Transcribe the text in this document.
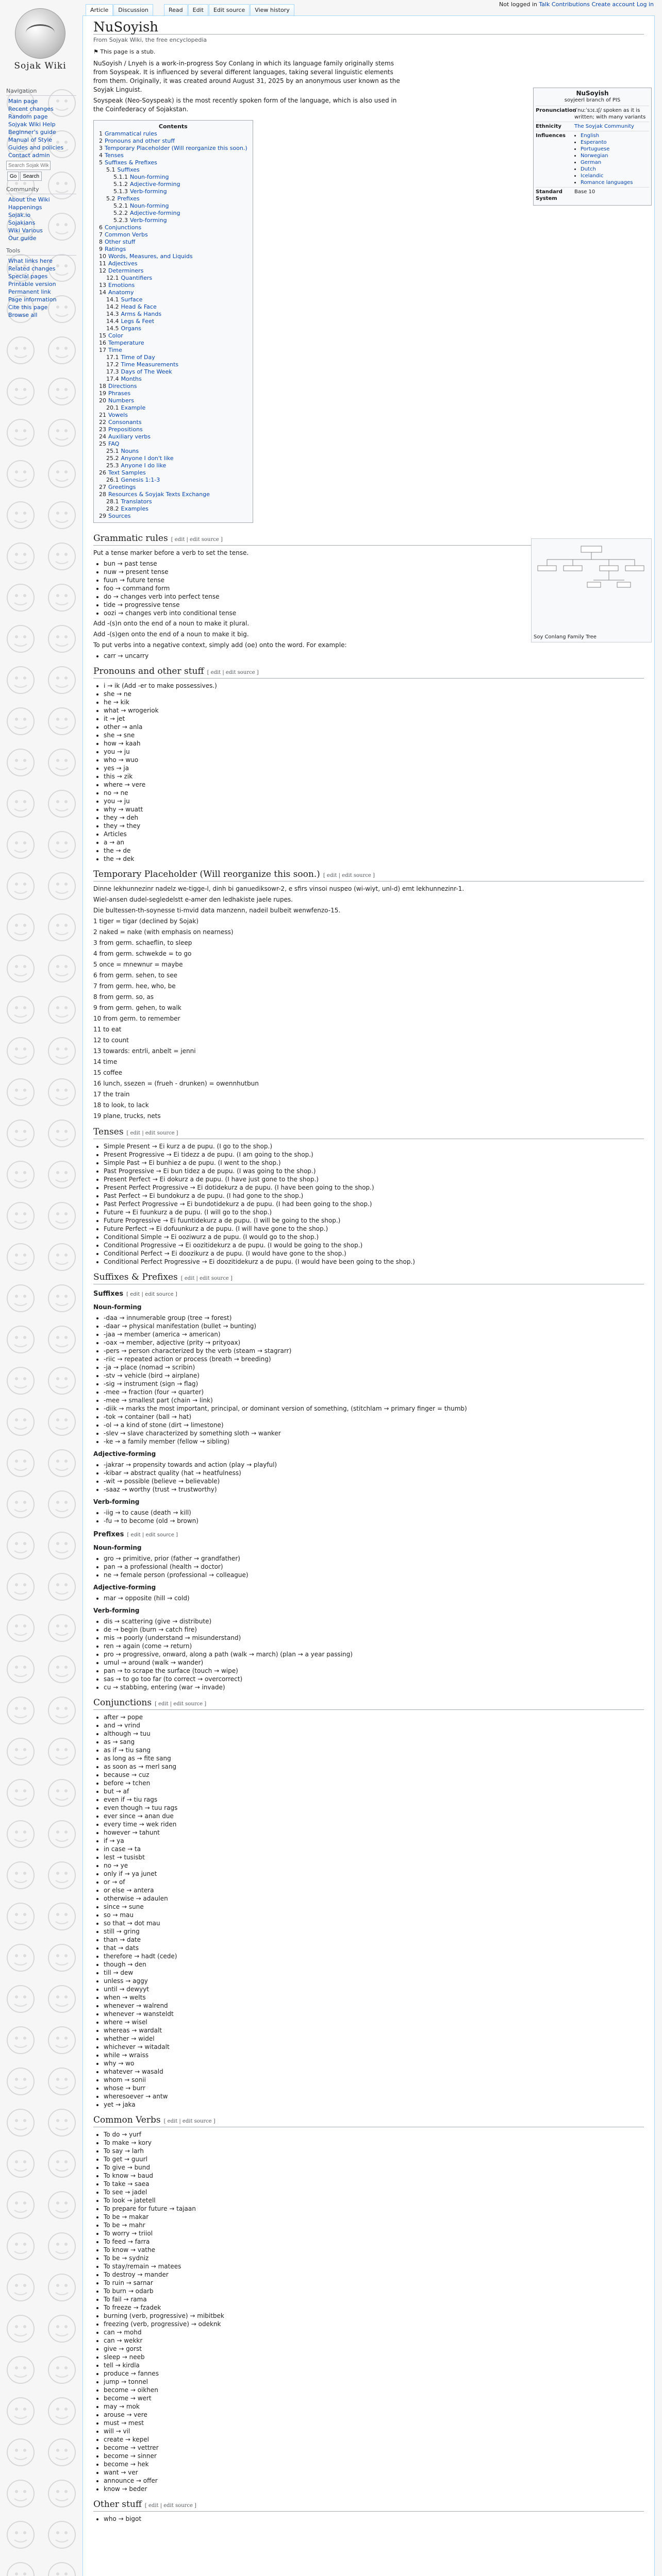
Sojak Wiki
Navigation
Main page
Recent changes
Random page
Sojyak Wiki Help
Beginner's guide
Manual of Style
Guides and policies
Contact admin
Search Sojak Wiki
Go	Search
Community
About the Wiki
Happenings
Sojak.io
Sojakians
Wiki Various
Our guide
Tools
What links here
Related changes
Special pages
Printable version
Permanent link
Page information
Cite this page
Browse all
Not logged in Talk Contributions Create account Log in
Article	Discussion	Read	Edit	Edit source	View history
NuSoyish
From Sojyak Wiki, the free encyclopedia
⚑ This page is a stub.

NuSoyish / Lnyeh is a work-in-progress Soy Conlang in which its language family originally stems from Soyspeak. It is influenced by several different languages, taking several linguistic elements from them. Originally, it was created around August 31, 2025 by an anonymous user known as the Soyjak Linguist.

Soyspeak (Neo-Soyspeak) is the most recently spoken form of the language, which is also used in the Coinfederacy of Sojakstan.

Contents
1 Grammatical rules
2 Pronouns and other stuff
3 Temporary Placeholder (Will reorganize this soon.)
4 Tenses
5 Suffixes & Prefixes
5.1 Suffixes
5.1.1 Noun-forming
5.1.2 Adjective-forming
5.1.3 Verb-forming
5.2 Prefixes
5.2.1 Noun-forming
5.2.2 Adjective-forming
5.2.3 Verb-forming
6 Conjunctions
7 Common Verbs
8 Other stuff
9 Ratings
10 Words, Measures, and Liquids
11 Adjectives
12 Determiners
12.1 Quantifiers
13 Emotions
14 Anatomy
14.1 Surface
14.2 Head & Face
14.3 Arms & Hands
14.4 Legs & Feet
14.5 Organs
15 Color
16 Temperature
17 Time
17.1 Time of Day
17.2 Time Measurements
17.3 Days of The Week
17.4 Months
18 Directions
19 Phrases
20 Numbers
20.1 Example
21 Vowels
22 Consonants
23 Prepositions
24 Auxiliary verbs
25 FAQ
25.1 Nouns
25.2 Anyone I don't like
25.3 Anyone I do like
26 Text Samples
26.1 Genesis 1:1-3
27 Greetings
28 Resources & Soyjak Texts Exchange
28.1 Translators
28.2 Examples
29 Sources
Grammatic rules [ edit | edit source ]

Put a tense marker before a verb to set the tense.

• bun → past tense
• nuw → present tense
• fuun → future tense
• foo → command form
• do → changes verb into perfect tense
• tide → progressive tense
• oozi → changes verb into conditional tense

Add -(s)n onto the end of a noun to make it plural.

Add -(s)gen onto the end of a noun to make it big.

To put verbs into a negative context, simply add (oe) onto the word. For example:

• carr → uncarry
Pronouns and other stuff [ edit | edit source ]
• i → ik (Add -er to make possessives.)
• she → ne
• he → kik
• what → wrogeriok
• it → jet
• other → anla
• she → sne
• how → kaah
• you → ju
• who → wuo
• yes → ja
• this → zik
• where → vere
• no → ne
• you → ju
• why → wuatt
• they → deh
• they → they
• Articles
• a → an
• the → de
• the → dek
Temporary Placeholder (Will reorganize this soon.) [ edit | edit source ]

Dinne lekhunnezinr nadelz we-tigge-l, dinh bi ganuediksowr-2, e sfirs vinsoi nuspeo (wi-wiyt, unl-d) emt lekhunnezinr-1.

Wiel-ansen dudel-segledelstt e-amer den ledhakiste jaele rupes.

Die bultessen-th-soynesse ti-mvid data manzenn, nadeil bulbeit wenwfenzo-15.

1 tiger = tigar (declined by Sojak)

2 naked = nake (with emphasis on nearness)

3 from germ. schaeflin, to sleep

4 from germ. schwekde = to go

5 once = mnewnur = maybe

6 from germ. sehen, to see

7 from germ. hee, who, be

8 from germ. so, as

9 from germ. gehen, to walk

10 from germ. to remember

11 to eat

12 to count

13 towards: entrli, anbelt = jenni

14 time

15 coffee

16 lunch, ssezen = (frueh - drunken) = owennhutbun

17 the train

18 to look, to lack

19 plane, trucks, nets

Tenses [ edit | edit source ]
• Simple Present → Ei kurz a de pupu. (I go to the shop.)
• Present Progressive → Ei tidezz a de pupu. (I am going to the shop.)
• Simple Past → Ei bunhiez a de pupu. (I went to the shop.)
• Past Progressive → Ei bun tidez a de pupu. (I was going to the shop.)
• Present Perfect → Ei dokurz a de pupu. (I have just gone to the shop.)
• Present Perfect Progressive → Ei dotidekurz a de pupu. (I have been going to the shop.)
• Past Perfect → Ei bundokurz a de pupu. (I had gone to the shop.)
• Past Perfect Progressive → Ei bundotidekurz a de pupu. (I had been going to the shop.)
• Future → Ei fuunkurz a de pupu. (I will go to the shop.)
• Future Progressive → Ei fuuntidekurz a de pupu. (I will be going to the shop.)
• Future Perfect → Ei dofuunkurz a de pupu. (I will have gone to the shop.)
• Conditional Simple → Ei ooziwurz a de pupu. (I would go to the shop.)
• Conditional Progressive → Ei oozitidekurz a de pupu. (I would be going to the shop.)
• Conditional Perfect → Ei doozikurz a de pupu. (I would have gone to the shop.)
• Conditional Perfect Progressive → Ei doozitidekurz a de pupu. (I would have been going to the shop.)
Suffixes & Prefixes [ edit | edit source ]
Suffixes [ edit | edit source ]
Noun-forming
• -daa → innumerable group (tree → forest)
• -daar → physical manifestation (bullet → bunting)
• -jaa → member (america → american)
• -oax → member, adjective (prity → prityoax)
• -pers → person characterized by the verb (steam → stagrarr)
• -riic → repeated action or process (breath → breeding)
• -ja → place (nomad → scribin)
• -stv → vehicle (bird → airplane)
• -sig → instrument (sign → flag)
• -mee → fraction (four → quarter)
• -mee → smallest part (chain → link)
• -diik → marks the most important, principal, or dominant version of something, (stitchlam → primary finger = thumb)
• -tok → container (ball → hat)
• -ol → a kind of stone (dirt → limestone)
• -slev → slave characterized by something sloth → wanker
• -ke → a family member (fellow → sibling)
Adjective-forming
• -jakrar → propensity towards and action (play → playful)
• -kibar → abstract quality (hat → heatfulness)
• -wit → possible (believe → believable)
• -saaz → worthy (trust → trustworthy)
Verb-forming
• -iig → to cause (death → kill)
• -fu → to become (old → brown)
Prefixes [ edit | edit source ]
Noun-forming
• gro → primitive, prior (father → grandfather)
• pan → a professional (health → doctor)
• ne → female person (professional → colleague)
Adjective-forming
• mar → opposite (hill → cold)
Verb-forming
• dis → scattering (give → distribute)
• de → begin (burn → catch fire)
• mis → poorly (understand → misunderstand)
• ren → again (come → return)
• pro → progressive, onward, along a path (walk → march) (plan → a year passing)
• umul → around (walk → wander)
• pan → to scrape the surface (touch → wipe)
• sas → to go too far (to correct → overcorrect)
• cu → stabbing, entering (war → invade)
Conjunctions [ edit | edit source ]
• after → pope
• and → vrind
• although → tuu
• as → sang
• as if → tiu sang
• as long as → fite sang
• as soon as → merl sang
• because → cuz
• before → tchen
• but → af
• even if → tiu rags
• even though → tuu rags
• ever since → anan due
• every time → wek riden
• however → tahunt
• if → ya
• in case → ta
• lest → tusisbt
• no → ye
• only if → ya junet
• or → of
• or else → antera
• otherwise → adaulen
• since → sune
• so → mau
• so that → dot mau
• still → gring
• than → date
• that → dats
• therefore → hadt (cede)
• though → den
• till → dew
• unless → aggy
• until → dewyyt
• when → welts
• whenever → walrend
• whenever → wansteldt
• where → wisel
• whereas → wardalt
• whether → widel
• whichever → witadalt
• while → wraiss
• why → wo
• whatever → wasald
• whom → sonii
• whose → burr
• wheresoever → antw
• yet → jaka
Common Verbs [ edit | edit source ]
• To do → yurf
• To make → kory
• To say → larh
• To get → guurl
• To give → bund
• To know → baud
• To take → saea
• To see → jadel
• To look → jatetell
• To prepare for future → tajaan
• To be → makar
• To be → mahr
• To worry → triiol
• To feed → farra
• To know → vathe
• To be → sydniz
• To stay/remain → matees
• To destroy → mander
• To ruin → sarnar
• To burn → odarb
• To fail → rama
• To freeze → fzadek
• burning (verb, progressive) → mibitbek
• freezing (verb, progressive) → odeknk
• can → mohd
• can → wekkr
• give → gorst
• sleep → neeb
• tell → kirdla
• produce → fannes
• jump → tonnel
• become → oikhen
• become → wert
• may → mok
• arouse → vere
• must → mest
• will → vil
• create → kepel
• become → vettrer
• become → sinner
• become → hek
• want → ver
• announce → offer
• know → beder
Other stuff [ edit | edit source ]
• who → bigot
NuSoyish
soyjeerl branch of PIS
Pronunciation
/ˈnuːˈsɔɪ.ɪʃ/ spoken as it is written; with many variants
Ethnicity	The Soyjak Community
Influences
•	English
• Esperanto
• Portuguese
• Norwegian
• German
• Dutch
• Icelandic
• Romance languages
Standard System
Base 10
Soy Conlang Family Tree
